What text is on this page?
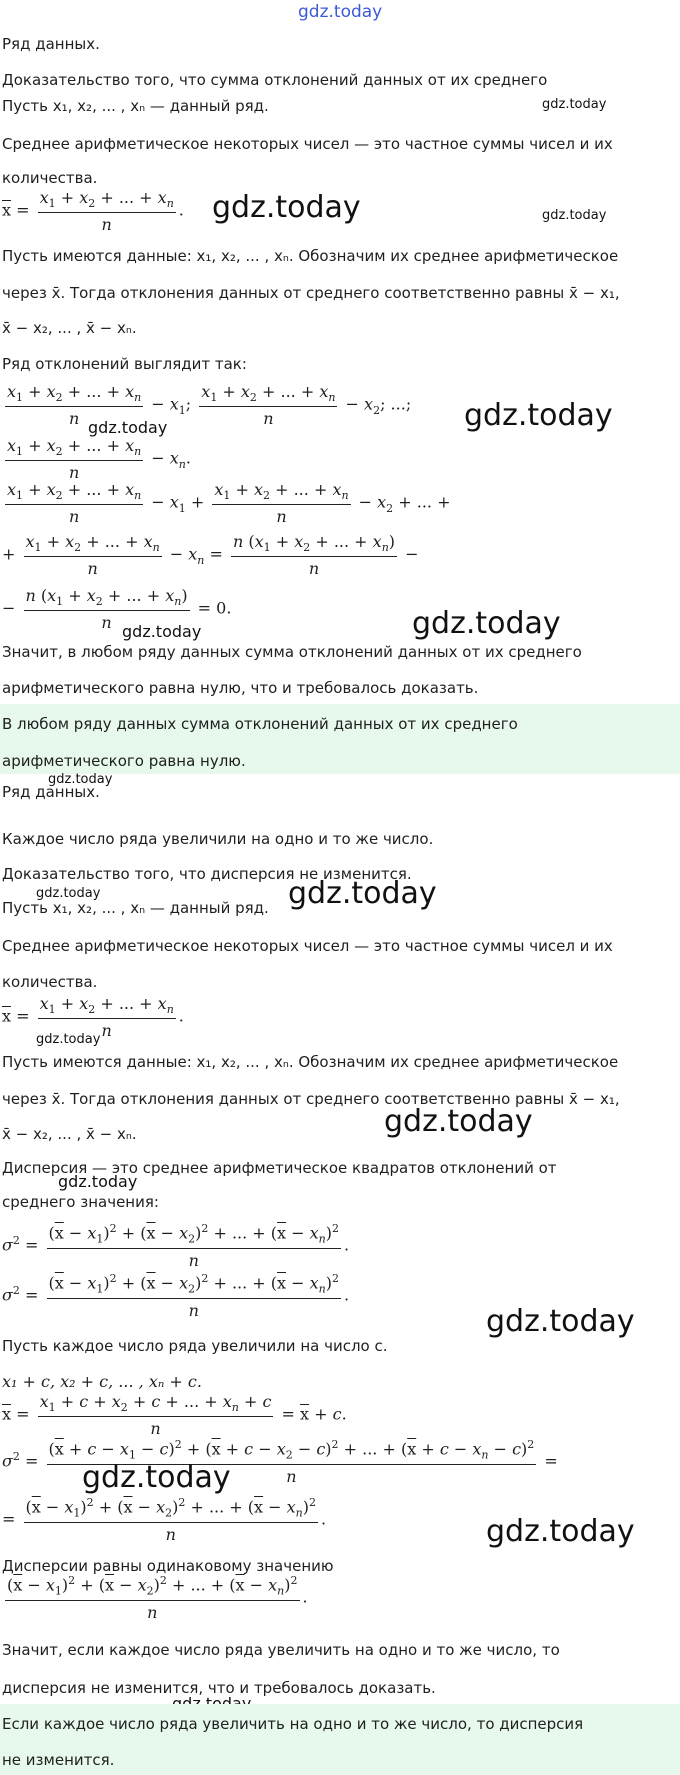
gdz.today
Ряд данных.
Доказательство того, что сумма отклонений данных от их среднего
Пусть x₁, x₂, ... , xₙ — данный ряд.	gdz.today
Среднее арифметическое некоторых чисел — это частное суммы чисел и их
количества.
$\overline{x} = \frac{x_1 + x_2 + ... + x_n}{n}$ . gdz.today	gdz.today
Пусть имеются данные: x₁, x₂, ... , xₙ. Обозначим их среднее арифметическое
через x̄. Тогда отклонения данных от среднего соответственно равны x̄ − x₁,
x̄ − x₂, ... , x̄ − xₙ.
Ряд отклонений выглядит так:
$\frac{x_1 + x_2 + ... + x_n}{n} - x_1$; $\frac{x_1 + x_2 + ... + x_n}{n} - x_2$; ...; gdz.today
gdz.today
$\frac{x_1 + x_2 + ... + x_n}{n} - x_n$.
$\frac{x_1 + x_2 + ... + x_n}{n} - x_1 + \frac{x_1 + x_2 + ... + x_n}{n} - x_2$ + ... +
+ $\frac{x_1 + x_2 + ... + x_n}{n} - x_n = \frac{n (x_1 + x_2 + ... + x_n)}{n}$ −
− $\frac{n (x_1 + x_2 + ... + x_n)}{n} = 0$.
gdz.today	gdz.today
Значит, в любом ряду данных сумма отклонений данных от их среднего
арифметического равна нулю, что и требовалось доказать.
В любом ряду данных сумма отклонений данных от их среднего
арифметического равна нулю.
gdz.today
Ряд данных.
Каждое число ряда увеличили на одно и то же число.
Доказательство того, что дисперсия не изменится.
gdz.today
Пусть x₁, x₂, ... , xₙ — данный ряд. gdz.today
Среднее арифметическое некоторых чисел — это частное суммы чисел и их
количества.
$\overline{x} = \frac{x_1 + x_2 + ... + x_n}{n}$ .
gdz.today
Пусть имеются данные: x₁, x₂, ... , xₙ. Обозначим их среднее арифметическое
через x̄. Тогда отклонения данных от среднего соответственно равны x̄ − x₁,
x̄ − x₂, ... , x̄ − xₙ.	gdz.today
Дисперсия — это среднее арифметическое квадратов отклонений от
gdz.today
среднего значения:
$\sigma^2 = \frac{(\overline{x} - x_1)^2 + (\overline{x} - x_2)^2 + ... + (\overline{x} - x_n)^2}{n}$ .
$\sigma^2 = \frac{(\overline{x} - x_1)^2 + (\overline{x} - x_2)^2 + ... + (\overline{x} - x_n)^2}{n}$ .
gdz.today
Пусть каждое число ряда увеличили на число c.
x₁ + c, x₂ + c, ... , xₙ + c.
$\overline{x} = \frac{x_1 + c + x_2 + c + ... + x_n + c}{n} = \overline{x} + c$.
$\sigma^2$ =
$(\overline{x} + c - x_1 - c)^2 + (\overline{x} + c - x_2 - c)^2$ + ... + $(\overline{x} + c - x_n - c)^2$
n
=
gdz.today
= $\frac{(\overline{x} - x_1)^2 + (\overline{x} - x_2)^2 + ... + (\overline{x} - x_n)^2}{n}$ .	gdz.today
Дисперсии равны одинаковому значению
$\frac{(\overline{x} - x_1)^2 + (\overline{x} - x_2)^2 + ... + (\overline{x} - x_n)^2}{n}$ .
Значит, если каждое число ряда увеличить на одно и то же число, то
дисперсия не изменится, что и требовалось доказать.
Если каждое число ряда увеличить на одно и то же число, то дисперсия
не изменится.
